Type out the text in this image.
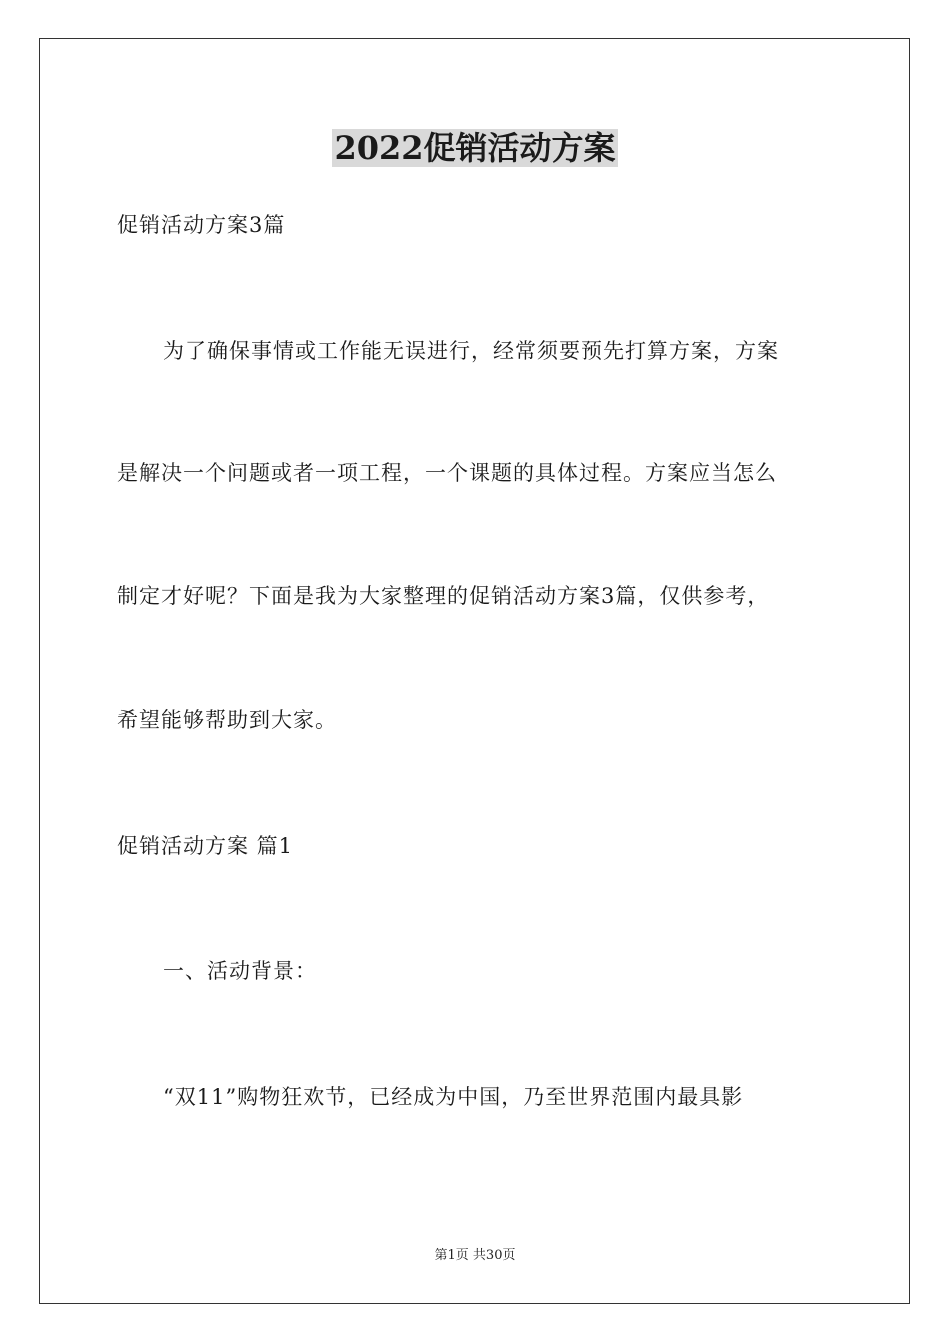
2022促销活动方案
促销活动方案3篇
为了确保事情或工作能无误进行，经常须要预先打算方案，方案
是解决一个问题或者一项工程，一个课题的具体过程。方案应当怎么
制定才好呢？下面是我为大家整理的促销活动方案3篇，仅供参考，
希望能够帮助到大家。
促销活动方案 篇1
一、活动背景：
“双11”购物狂欢节，已经成为中国，乃至世界范围内最具影
第1页 共30页
